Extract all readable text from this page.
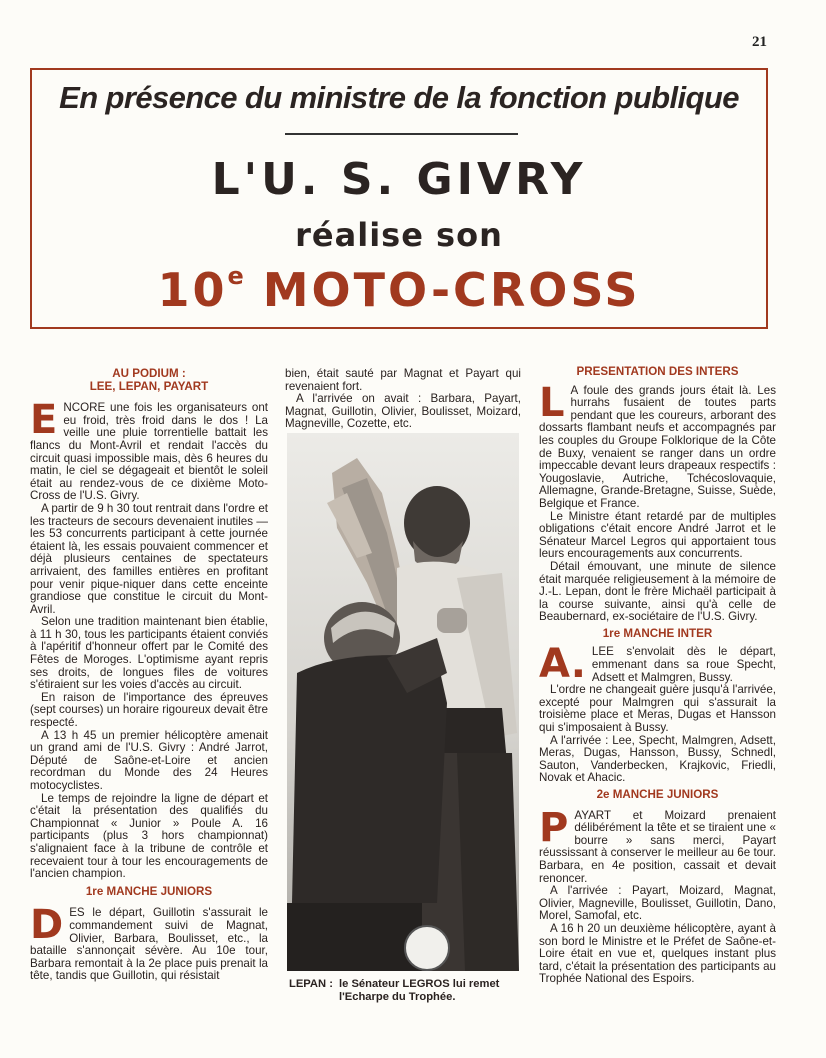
21
En présence du ministre de la fonction publique
L'U. S. GIVRY
réalise son
10e MOTO-CROSS
AU PODIUM :
LEE, LEPAN, PAYART
E NCORE une fois les organisateurs ont eu froid, très froid dans le dos ! La veille une pluie torrentielle battait les flancs du Mont-Avril et rendait l'accès du circuit quasi impossible mais, dès 6 heures du matin, le ciel se dégageait et bientôt le soleil était au rendez-vous de ce dixième Moto-Cross de l'U.S. Givry.

A partir de 9 h 30 tout rentrait dans l'ordre et les tracteurs de secours devenaient inutiles — les 53 concurrents participant à cette journée étaient là, les essais pouvaient commencer et déjà plusieurs centaines de spectateurs arrivaient, des familles entières en profitant pour venir pique-niquer dans cette enceinte grandiose que constitue le circuit du Mont-Avril.

Selon une tradition maintenant bien établie, à 11 h 30, tous les participants étaient conviés à l'apéritif d'honneur offert par le Comité des Fêtes de Moroges. L'optimisme ayant repris ses droits, de longues files de voitures s'étiraient sur les voies d'accès au circuit.

En raison de l'importance des épreuves (sept courses) un horaire rigoureux devait être respecté.

A 13 h 45 un premier hélicoptère amenait un grand ami de l'U.S. Givry : André Jarrot, Député de Saône-et-Loire et ancien recordman du Monde des 24 Heures motocyclistes.

Le temps de rejoindre la ligne de départ et c'était la présentation des qualifiés du Championnat « Junior » Poule A. 16 participants (plus 3 hors championnat) s'alignaient face à la tribune de contrôle et recevaient tour à tour les encouragements de l'ancien champion.

1re MANCHE JUNIORS
D ES le départ, Guillotin s'assurait le commandement suivi de Magnat, Olivier, Barbara, Boulisset, etc., la bataille s'annonçait sévère. Au 10e tour, Barbara remontait à la 2e place puis prenait la tête, tandis que Guillotin, qui résistait

bien, était sauté par Magnat et Payart qui revenaient fort.

A l'arrivée on avait : Barbara, Payart, Magnat, Guillotin, Olivier, Boulisset, Moizard, Magneville, Cozette, etc.

LEPAN : le Sénateur LEGROS lui remet l'Echarpe du Trophée.
PRESENTATION DES INTERS
L A foule des grands jours était là. Les hurrahs fusaient de toutes parts pendant que les coureurs, arborant des dossarts flambant neufs et accompagnés par les couples du Groupe Folklorique de la Côte de Buxy, venaient se ranger dans un ordre impeccable devant leurs drapeaux respectifs : Yougoslavie, Autriche, Tchécoslovaquie, Allemagne, Grande-Bretagne, Suisse, Suède, Belgique et France.

Le Ministre étant retardé par de multiples obligations c'était encore André Jarrot et le Sénateur Marcel Legros qui apportaient tous leurs encouragements aux concurrents.

Détail émouvant, une minute de silence était marquée religieusement à la mémoire de J.-L. Lepan, dont le frère Michaël participait à la course suivante, ainsi qu'à celle de Beaubernard, ex-sociétaire de l'U.S. Givry.

1re MANCHE INTER
A. LEE s'envolait dès le départ, emmenant dans sa roue Specht, Adsett et Malmgren, Bussy.

L'ordre ne changeait guère jusqu'à l'arrivée, excepté pour Malmgren qui s'assurait la troisième place et Meras, Dugas et Hansson qui s'imposaient à Bussy.

A l'arrivée : Lee, Specht, Malmgren, Adsett, Meras, Dugas, Hansson, Bussy, Schnedl, Sauton, Vanderbecken, Krajkovic, Friedli, Novak et Ahacic.

2e MANCHE JUNIORS
P AYART et Moizard prenaient délibérément la tête et se tiraient une « bourre » sans merci, Payart réussissant à conserver le meilleur au 6e tour. Barbara, en 4e position, cassait et devait renoncer.

A l'arrivée : Payart, Moizard, Magnat, Olivier, Magneville, Boulisset, Guillotin, Dano, Morel, Samofal, etc.

A 16 h 20 un deuxième hélicoptère, ayant à son bord le Ministre et le Préfet de Saône-et-Loire était en vue et, quelques instant plus tard, c'était la présentation des participants au Trophée National des Espoirs.
